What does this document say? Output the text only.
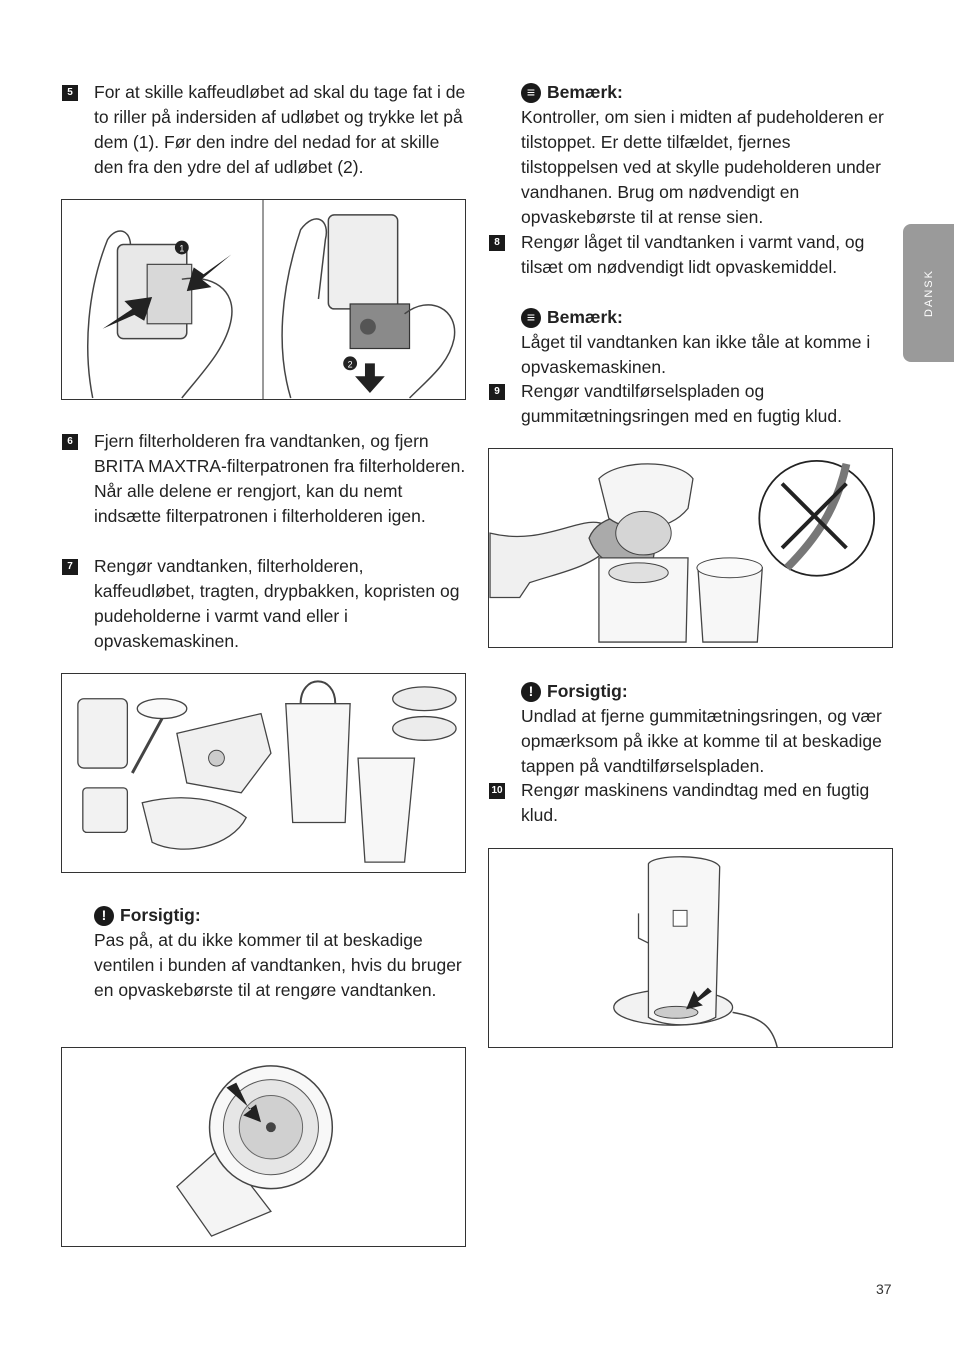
5 For at skille kaffeudløbet ad skal du tage fat i de to riller på indersiden af udløbet og trykke let på dem (1). Før den indre del nedad for at skille den fra den ydre del af udløbet (2).
1
2
6 Fjern filterholderen fra vandtanken, og fjern BRITA MAXTRA-filterpatronen fra filterholderen. Når alle delene er rengjort, kan du nemt indsætte filterpatronen i filterholderen igen.
7 Rengør vandtanken, filterholderen, kaffeudløbet, tragten, drypbakken, kopristen og pudeholderne i varmt vand eller i opvaskemaskinen.
! Forsigtig:
Pas på, at du ikke kommer til at beskadige ventilen i bunden af vandtanken, hvis du bruger en opvaskebørste til at rengøre vandtanken.
≡ Bemærk:
Kontroller, om sien i midten af pudeholderen er tilstoppet. Er dette tilfældet, fjernes tilstoppelsen ved at skylle pudeholderen under vandhanen. Brug om nødvendigt en opvaskebørste til at rense sien.
8 Rengør låget til vandtanken i varmt vand, og tilsæt om nødvendigt lidt opvaskemiddel.
≡ Bemærk:
Låget til vandtanken kan ikke tåle at komme i opvaskemaskinen.
9 Rengør vandtilførselspladen og gummitætningsringen med en fugtig klud.
! Forsigtig:
Undlad at fjerne gummitætningsringen, og vær opmærksom på ikke at komme til at beskadige tappen på vandtilførselspladen.
10 Rengør maskinens vandindtag med en fugtig klud.
DANSK
37
